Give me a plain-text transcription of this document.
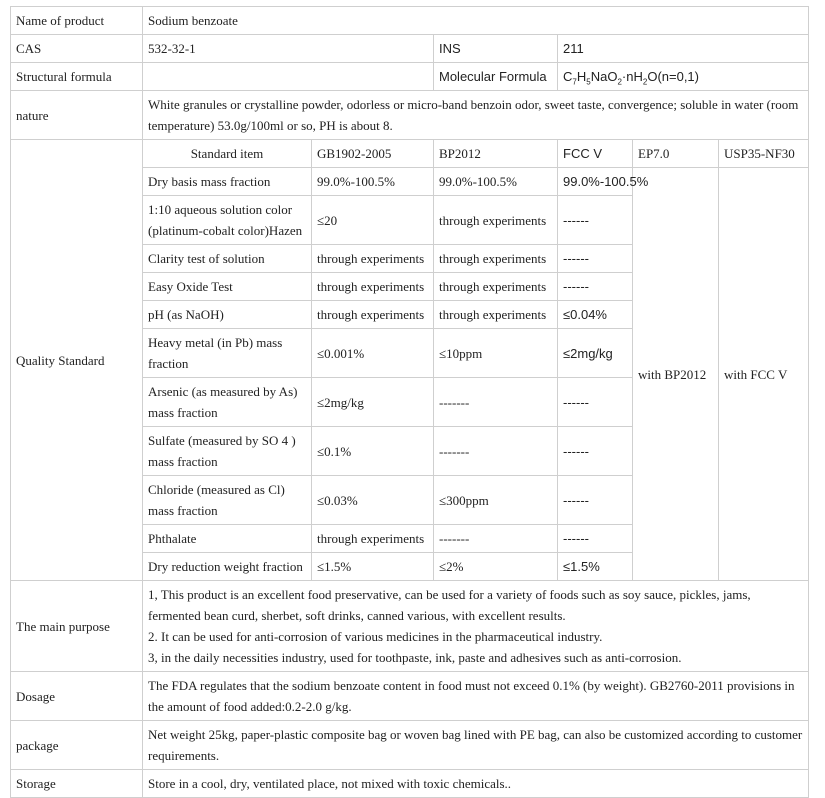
Name of product	Sodium benzoate					
CAS	532-32-1		INS	211		
Structural formula			Molecular Formula	$C_7H_5NaO_2\cdot nH_2O(n=0,1)$		
nature	White granules or crystalline powder, odorless or micro-band benzoin odor, sweet taste, convergence; soluble in water (room temperature) 53.0g/100ml or so, PH is about 8.					
Quality Standard	Standard item	GB1902-2005	BP2012	FCC V	EP7.0	USP35-NF30
	Dry basis mass fraction	99.0%-100.5%	99.0%-100.5%	99.0%-100.5%	with BP2012	with FCC V
	1:10 aqueous solution color (platinum-cobalt color)Hazen	≤20	through experiments	------		
	Clarity test of solution	through experiments	through experiments	------		
	Easy Oxide Test	through experiments	through experiments	------		
	pH (as NaOH)	through experiments	through experiments	≤0.04%		
	Heavy metal (in Pb) mass fraction	≤0.001%	≤10ppm	≤2mg/kg		
	Arsenic (as measured by As) mass fraction	≤2mg/kg	-------	------		
	Sulfate (measured by SO 4 ) mass fraction	≤0.1%	-------	------		
	Chloride (measured as Cl) mass fraction	≤0.03%	≤300ppm	------		
	Phthalate	through experiments	-------	------		
	Dry reduction weight fraction	≤1.5%	≤2%	≤1.5%		
The main purpose	1, This product is an excellent food preservative, can be used for a variety of foods such as soy sauce, pickles, jams, fermented bean curd, sherbet, soft drinks, canned various, with excellent results.
2. It can be used for anti-corrosion of various medicines in the pharmaceutical industry.
3, in the daily necessities industry, used for toothpaste, ink, paste and adhesives such as anti-corrosion.					

Dosage	The FDA regulates that the sodium benzoate content in food must not exceed 0.1% (by weight). GB2760-2011 provisions in the amount of food added:0.2-2.0 g/kg.					
package	Net weight 25kg, paper-plastic composite bag or woven bag lined with PE bag, can also be customized according to customer requirements.					
Storage	Store in a cool, dry, ventilated place, not mixed with toxic chemicals..					
